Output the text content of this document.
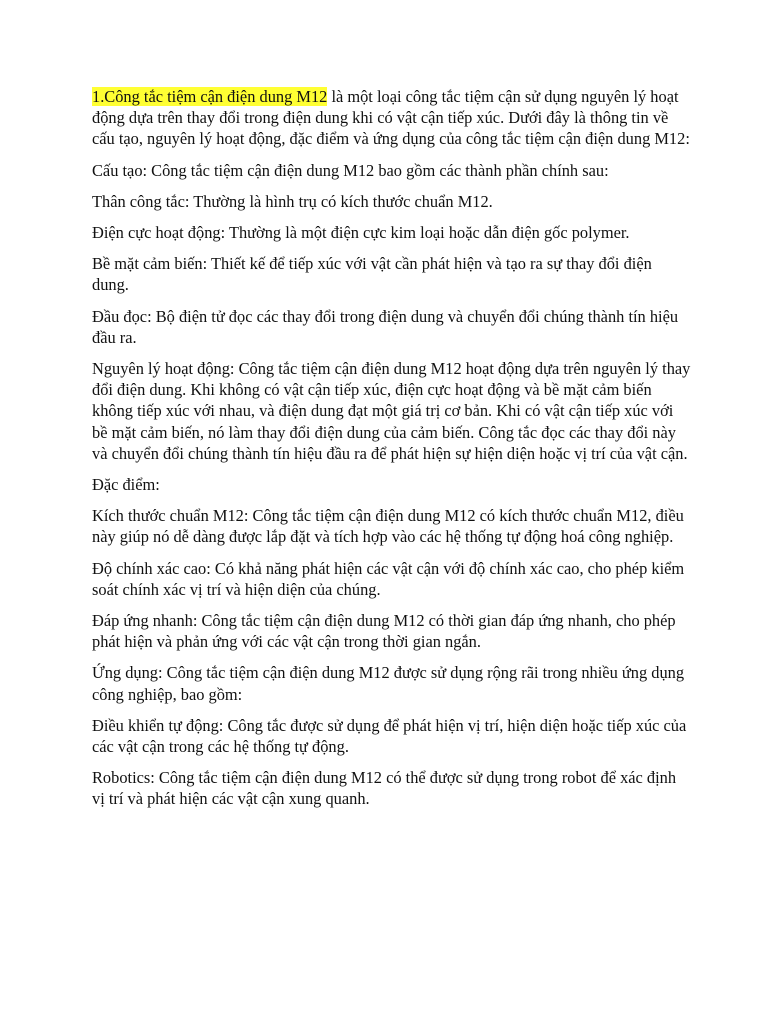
1.Công tắc tiệm cận điện dung M12 là một loại công tắc tiệm cận sử dụng nguyên lý hoạt động dựa trên thay đổi trong điện dung khi có vật cận tiếp xúc. Dưới đây là thông tin về cấu tạo, nguyên lý hoạt động, đặc điểm và ứng dụng của công tắc tiệm cận điện dung M12:

Cấu tạo: Công tắc tiệm cận điện dung M12 bao gồm các thành phần chính sau:

Thân công tắc: Thường là hình trụ có kích thước chuẩn M12.

Điện cực hoạt động: Thường là một điện cực kim loại hoặc dẫn điện gốc polymer.

Bề mặt cảm biến: Thiết kế để tiếp xúc với vật cần phát hiện và tạo ra sự thay đổi điện dung.

Đầu đọc: Bộ điện tử đọc các thay đổi trong điện dung và chuyển đổi chúng thành tín hiệu đầu ra.

Nguyên lý hoạt động: Công tắc tiệm cận điện dung M12 hoạt động dựa trên nguyên lý thay đổi điện dung. Khi không có vật cận tiếp xúc, điện cực hoạt động và bề mặt cảm biến không tiếp xúc với nhau, và điện dung đạt một giá trị cơ bản. Khi có vật cận tiếp xúc với bề mặt cảm biến, nó làm thay đổi điện dung của cảm biến. Công tắc đọc các thay đổi này và chuyển đổi chúng thành tín hiệu đầu ra để phát hiện sự hiện diện hoặc vị trí của vật cận.

Đặc điểm:

Kích thước chuẩn M12: Công tắc tiệm cận điện dung M12 có kích thước chuẩn M12, điều này giúp nó dễ dàng được lắp đặt và tích hợp vào các hệ thống tự động hoá công nghiệp.

Độ chính xác cao: Có khả năng phát hiện các vật cận với độ chính xác cao, cho phép kiểm soát chính xác vị trí và hiện diện của chúng.

Đáp ứng nhanh: Công tắc tiệm cận điện dung M12 có thời gian đáp ứng nhanh, cho phép phát hiện và phản ứng với các vật cận trong thời gian ngắn.

Ứng dụng: Công tắc tiệm cận điện dung M12 được sử dụng rộng rãi trong nhiều ứng dụng công nghiệp, bao gồm:

Điều khiển tự động: Công tắc được sử dụng để phát hiện vị trí, hiện diện hoặc tiếp xúc của các vật cận trong các hệ thống tự động.

Robotics: Công tắc tiệm cận điện dung M12 có thể được sử dụng trong robot để xác định vị trí và phát hiện các vật cận xung quanh.
